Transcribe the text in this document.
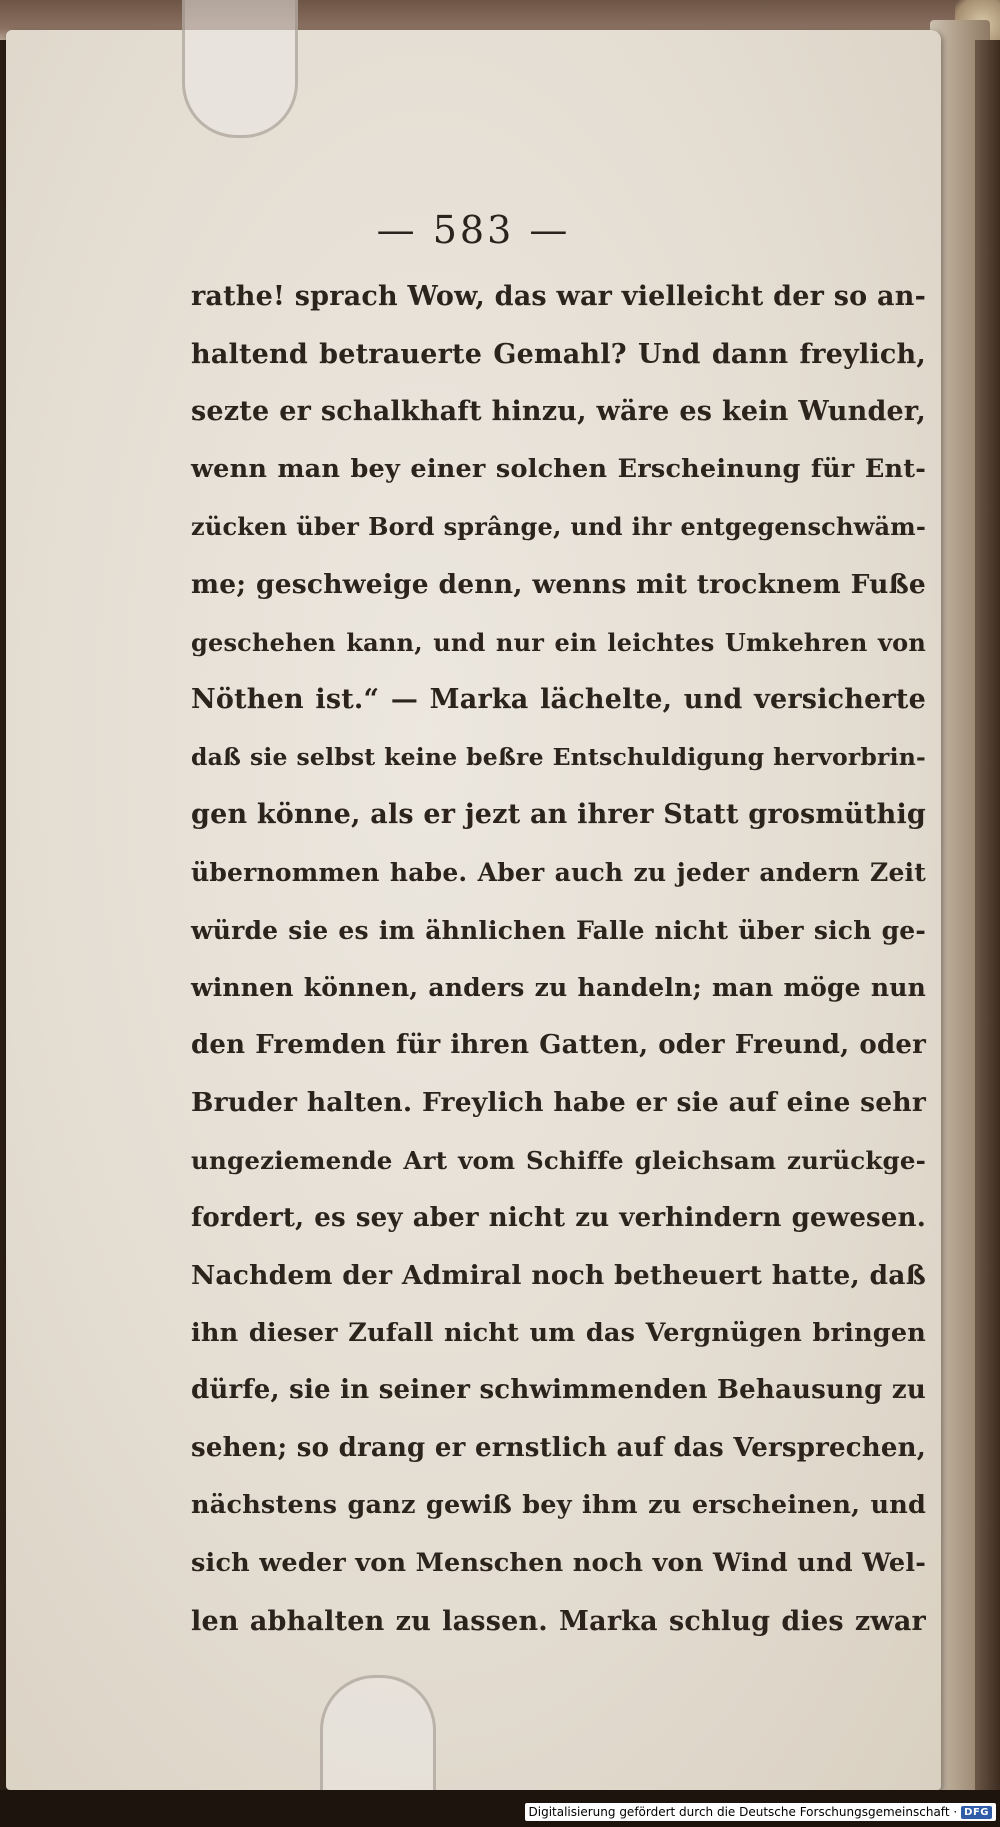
— 583 —
rathe! sprach Wow, das war vielleicht der so an-
haltend betrauerte Gemahl? Und dann freylich,
sezte er schalkhaft hinzu, wäre es kein Wunder,
wenn man bey einer solchen Erscheinung für Ent-
zücken über Bord sprânge, und ihr entgegenschwäm-
me; geschweige denn, wenns mit trocknem Fuße
geschehen kann, und nur ein leichtes Umkehren von
Nöthen ist.“ — Marka lächelte, und versicherte
daß sie selbst keine beßre Entschuldigung hervorbrin-
gen könne, als er jezt an ihrer Statt grosmüthig
übernommen habe. Aber auch zu jeder andern Zeit
würde sie es im ähnlichen Falle nicht über sich ge-
winnen können, anders zu handeln; man möge nun
den Fremden für ihren Gatten, oder Freund, oder
Bruder halten. Freylich habe er sie auf eine sehr
ungeziemende Art vom Schiffe gleichsam zurückge-
fordert, es sey aber nicht zu verhindern gewesen.
Nachdem der Admiral noch betheuert hatte, daß
ihn dieser Zufall nicht um das Vergnügen bringen
dürfe, sie in seiner schwimmenden Behausung zu
sehen; so drang er ernstlich auf das Versprechen,
nächstens ganz gewiß bey ihm zu erscheinen, und
sich weder von Menschen noch von Wind und Wel-
len abhalten zu lassen. Marka schlug dies zwar
Digitalisierung gefördert durch die Deutsche Forschungsgemeinschaft · DFG
